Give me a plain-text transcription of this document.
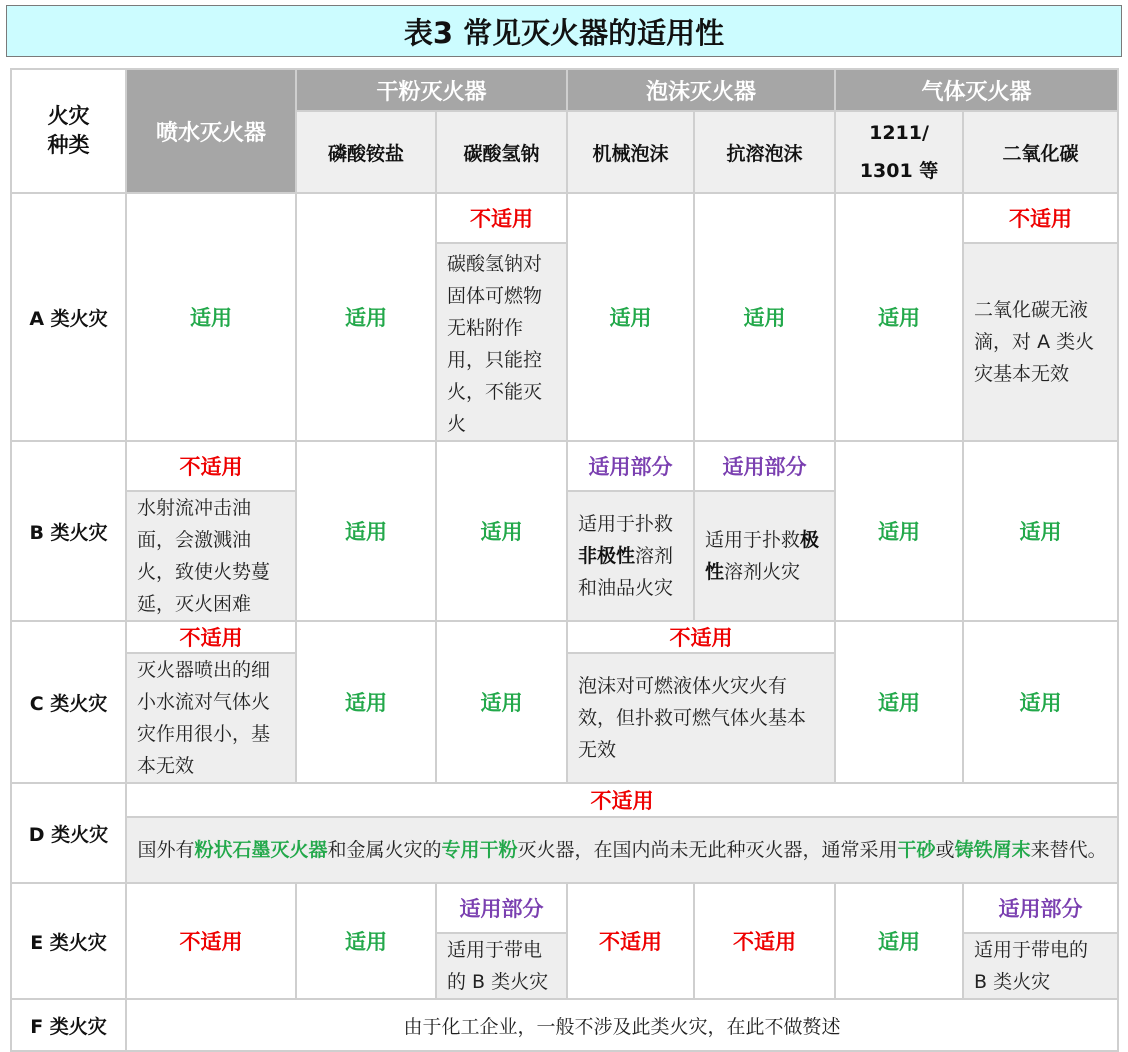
表3 常见灭火器的适用性
火灾
种类	喷水灭火器	干粉灭火器		泡沫灭火器		气体灭火器	
		磷酸铵盐	碳酸氢钠	机械泡沫	抗溶泡沫	1211/
1301 等	二氧化碳
A 类火灾	适用	适用	不适用	适用	适用	适用	不适用
			碳酸氢钠对固体可燃物无粘附作用，只能控火，不能灭火				二氧化碳无液滴，对 A 类火灾基本无效
B 类火灾	不适用	适用	适用	适用部分	适用部分	适用	适用
	水射流冲击油面，会激溅油火，致使火势蔓延，灭火困难			适用于扑救非极性溶剂和油品火灾	适用于扑救极性溶剂火灾		
C 类火灾	不适用	适用	适用	不适用		适用	适用
	灭火器喷出的细小水流对气体火灾作用很小，基本无效			泡沫对可燃液体火灾火有效，但扑救可燃气体火基本无效			
D 类火灾	不适用						
	国外有粉状石墨灭火器和金属火灾的专用干粉灭火器，在国内尚未无此种灭火器，通常采用干砂或铸铁屑末来替代。						
E 类火灾	不适用	适用	适用部分	不适用	不适用	适用	适用部分
			适用于带电的 B 类火灾				适用于带电的 B 类火灾
F 类火灾	由于化工企业，一般不涉及此类火灾，在此不做赘述						
